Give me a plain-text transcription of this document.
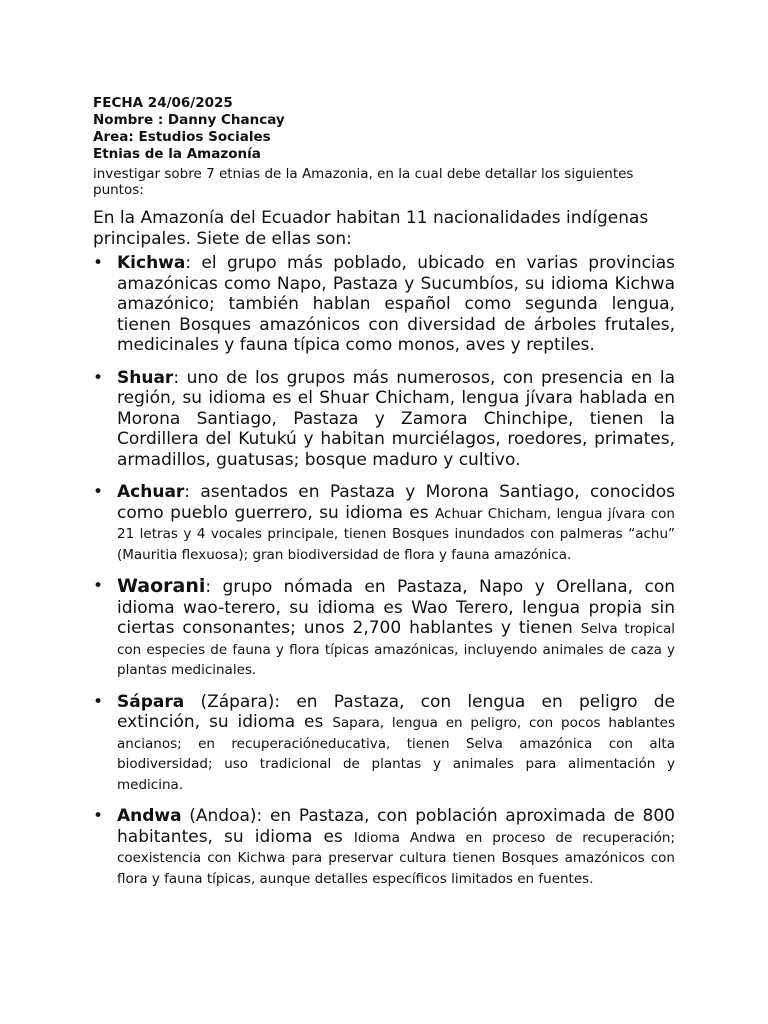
FECHA 24/06/2025
Nombre : Danny Chancay
Area: Estudios Sociales
Etnias de la Amazonía
investigar sobre 7 etnias de la Amazonia, en la cual debe detallar los siguientes puntos:
En la Amazonía del Ecuador habitan 11 nacionalidades indígenas principales. Siete de ellas son:
• Kichwa: el grupo más poblado, ubicado en varias provincias amazónicas como Napo, Pastaza y Sucumbíos, su idioma Kichwa amazónico; también hablan español como segunda lengua, tienen Bosques amazónicos con diversidad de árboles frutales, medicinales y fauna típica como monos, aves y reptiles.
• Shuar: uno de los grupos más numerosos, con presencia en la región, su idioma es el Shuar Chicham, lengua jívara hablada en Morona Santiago, Pastaza y Zamora Chinchipe, tienen la Cordillera del Kutukú y habitan murciélagos, roedores, primates, armadillos, guatusas; bosque maduro y cultivo.
• Achuar: asentados en Pastaza y Morona Santiago, conocidos como pueblo guerrero, su idioma es Achuar Chicham, lengua jívara con 21 letras y 4 vocales principale, tienen Bosques inundados con palmeras “achu” (Mauritia flexuosa); gran biodiversidad de flora y fauna amazónica.
• Waorani: grupo nómada en Pastaza, Napo y Orellana, con idioma wao-terero, su idioma es Wao Terero, lengua propia sin ciertas consonantes; unos 2,700 hablantes y tienen Selva tropical con especies de fauna y flora típicas amazónicas, incluyendo animales de caza y plantas medicinales.
• Sápara (Zápara): en Pastaza, con lengua en peligro de extinción, su idioma es Sapara, lengua en peligro, con pocos hablantes ancianos; en recuperacióneducativa, tienen Selva amazónica con alta biodiversidad; uso tradicional de plantas y animales para alimentación y medicina.
• Andwa (Andoa): en Pastaza, con población aproximada de 800 habitantes, su idioma es Idioma Andwa en proceso de recuperación; coexistencia con Kichwa para preservar cultura tienen Bosques amazónicos con flora y fauna típicas, aunque detalles específicos limitados en fuentes.
